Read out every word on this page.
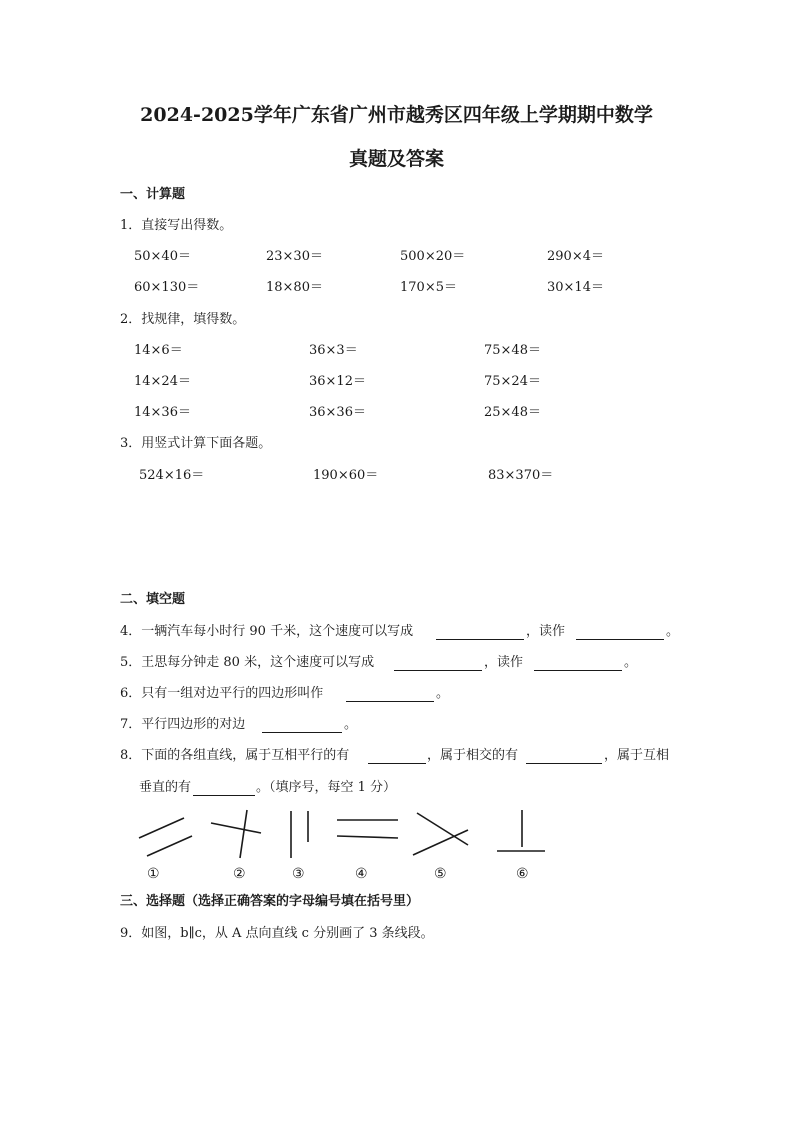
2024-2025学年广东省广州市越秀区四年级上学期期中数学
真题及答案
一、计算题
1．直接写出得数。
50×40＝	23×30＝	500×20＝	290×4＝
60×130＝	18×80＝	170×5＝	30×14＝
2．找规律，填得数。
14×6＝	36×3＝	75×48＝
14×24＝	36×12＝	75×24＝
14×36＝	36×36＝	25×48＝
3．用竖式计算下面各题。
524×16＝	190×60＝	83×370＝
二、填空题
4．一辆汽车每小时行 90 千米，这个速度可以写成	，读作	。
5．王思每分钟走 80 米，这个速度可以写成	，读作	。
6．只有一组对边平行的四边形叫作	。
7．平行四边形的对边	。
8．下面的各组直线，属于互相平行的有	，属于相交的有	，属于互相
垂直的有	。（填序号，每空 1 分）
①	②	③	④	⑤	⑥
三、选择题（选择正确答案的字母编号填在括号里）
9．如图，b∥c，从 A 点向直线 c 分别画了 3 条线段。
